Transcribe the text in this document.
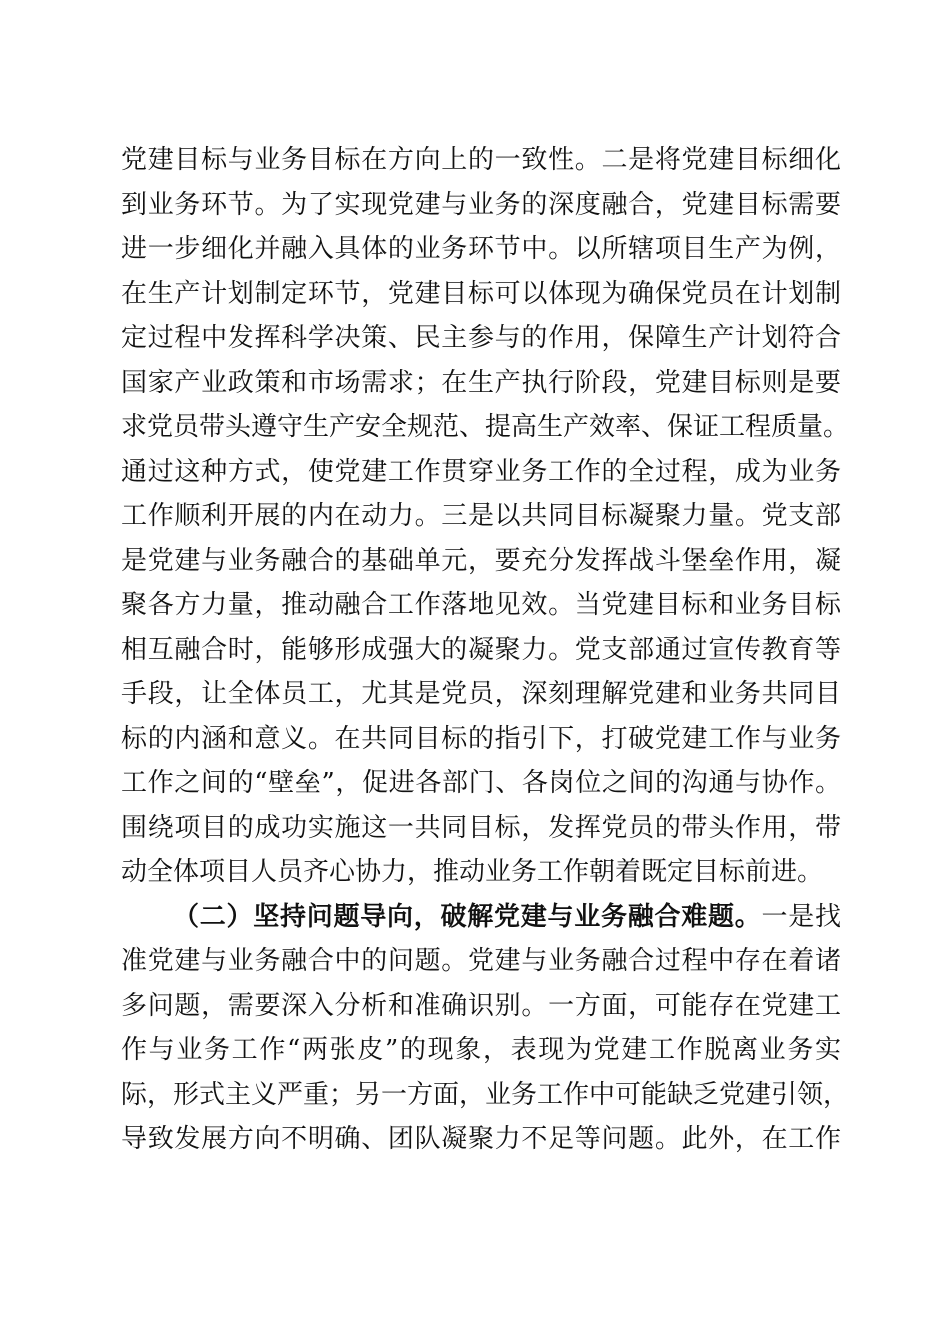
党建目标与业务目标在方向上的一致性。二是将党建目标细化
到业务环节。为了实现党建与业务的深度融合，党建目标需要
进一步细化并融入具体的业务环节中。以所辖项目生产为例，
在生产计划制定环节，党建目标可以体现为确保党员在计划制
定过程中发挥科学决策、民主参与的作用，保障生产计划符合
国家产业政策和市场需求；在生产执行阶段，党建目标则是要
求党员带头遵守生产安全规范、提高生产效率、保证工程质量。
通过这种方式，使党建工作贯穿业务工作的全过程，成为业务
工作顺利开展的内在动力。三是以共同目标凝聚力量。党支部
是党建与业务融合的基础单元，要充分发挥战斗堡垒作用，凝
聚各方力量，推动融合工作落地见效。当党建目标和业务目标
相互融合时，能够形成强大的凝聚力。党支部通过宣传教育等
手段，让全体员工，尤其是党员，深刻理解党建和业务共同目
标的内涵和意义。在共同目标的指引下，打破党建工作与业务
工作之间的“壁垒”，促进各部门、各岗位之间的沟通与协作。
围绕项目的成功实施这一共同目标，发挥党员的带头作用，带
动全体项目人员齐心协力，推动业务工作朝着既定目标前进。
（二）坚持问题导向，破解党建与业务融合难题。一是找
准党建与业务融合中的问题。党建与业务融合过程中存在着诸
多问题，需要深入分析和准确识别。一方面，可能存在党建工
作与业务工作“两张皮”的现象，表现为党建工作脱离业务实
际，形式主义严重；另一方面，业务工作中可能缺乏党建引领，
导致发展方向不明确、团队凝聚力不足等问题。此外，在工作
